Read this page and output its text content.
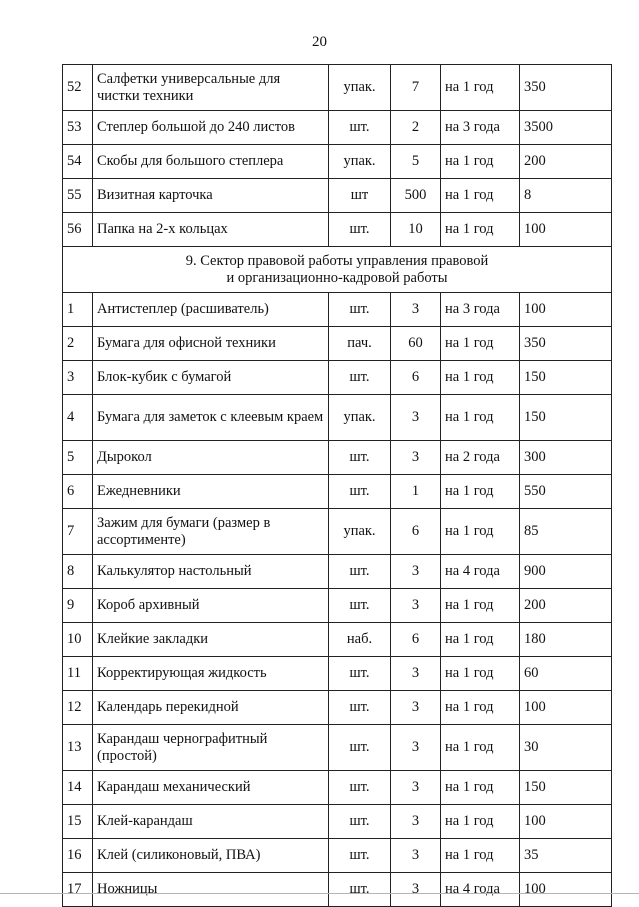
20
52	Салфетки универсальные для чистки техники	упак.	7	на 1 год	350
53	Степлер большой до 240 листов	шт.	2	на 3 года	3500
54	Скобы для большого степлера	упак.	5	на 1 год	200
55	Визитная карточка	шт	500	на 1 год	8
56	Папка на 2-х кольцах	шт.	10	на 1 год	100

9. Сектор правовой работы управления правовой
и организационно-кадровой работы					

1	Антистеплер (расшиватель)	шт.	3	на 3 года	100
2	Бумага для офисной техники	пач.	60	на 1 год	350
3	Блок-кубик с бумагой	шт.	6	на 1 год	150
4	Бумага для заметок с клеевым краем	упак.	3	на 1 год	150
5	Дырокол	шт.	3	на 2 года	300
6	Ежедневники	шт.	1	на 1 год	550
7	Зажим для бумаги (размер в ассортименте)	упак.	6	на 1 год	85
8	Калькулятор настольный	шт.	3	на 4 года	900
9	Короб архивный	шт.	3	на 1 год	200
10	Клейкие закладки	наб.	6	на 1 год	180
11	Корректирующая жидкость	шт.	3	на 1 год	60
12	Календарь перекидной	шт.	3	на 1 год	100
13	Карандаш чернографитный (простой)	шт.	3	на 1 год	30
14	Карандаш механический	шт.	3	на 1 год	150
15	Клей-карандаш	шт.	3	на 1 год	100
16	Клей (силиконовый, ПВА)	шт.	3	на 1 год	35
17	Ножницы	шт.	3	на 4 года	100
